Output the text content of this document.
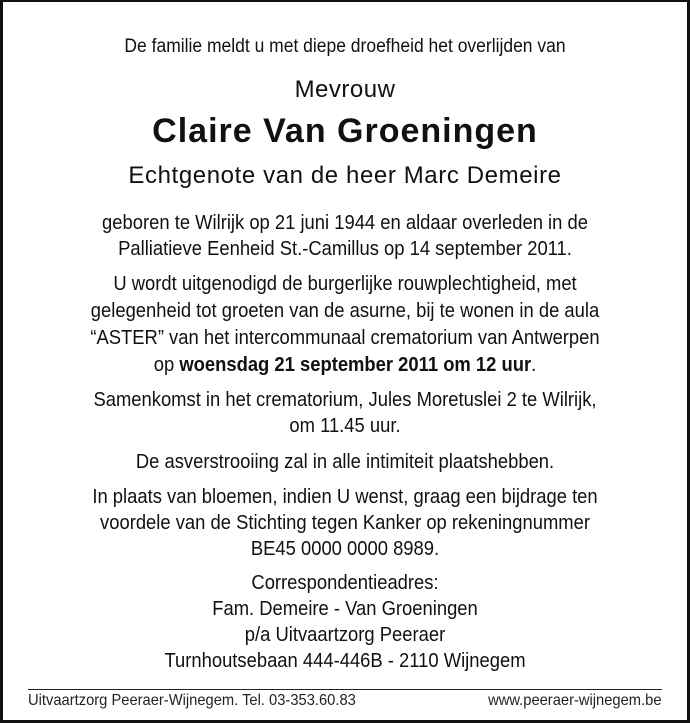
De familie meldt u met diepe droefheid het overlijden van
Mevrouw
Claire Van Groeningen
Echtgenote van de heer Marc Demeire
geboren te Wilrijk op 21 juni 1944 en aldaar overleden in de
Palliatieve Eenheid St.-Camillus op 14 september 2011.
U wordt uitgenodigd de burgerlijke rouwplechtigheid, met
gelegenheid tot groeten van de asurne, bij te wonen in de aula
“ASTER” van het intercommunaal crematorium van Antwerpen
op woensdag 21 september 2011 om 12 uur.
Samenkomst in het crematorium, Jules Moretuslei 2 te Wilrijk,
om 11.45 uur.
De asverstrooiing zal in alle intimiteit plaatshebben.
In plaats van bloemen, indien U wenst, graag een bijdrage ten
voordele van de Stichting tegen Kanker op rekeningnummer
BE45 0000 0000 8989.
Correspondentieadres:
Fam. Demeire - Van Groeningen
p/a Uitvaartzorg Peeraer
Turnhoutsebaan 444-446B - 2110 Wijnegem
Uitvaartzorg Peeraer-Wijnegem. Tel. 03-353.60.83	www.peeraer-wijnegem.be
